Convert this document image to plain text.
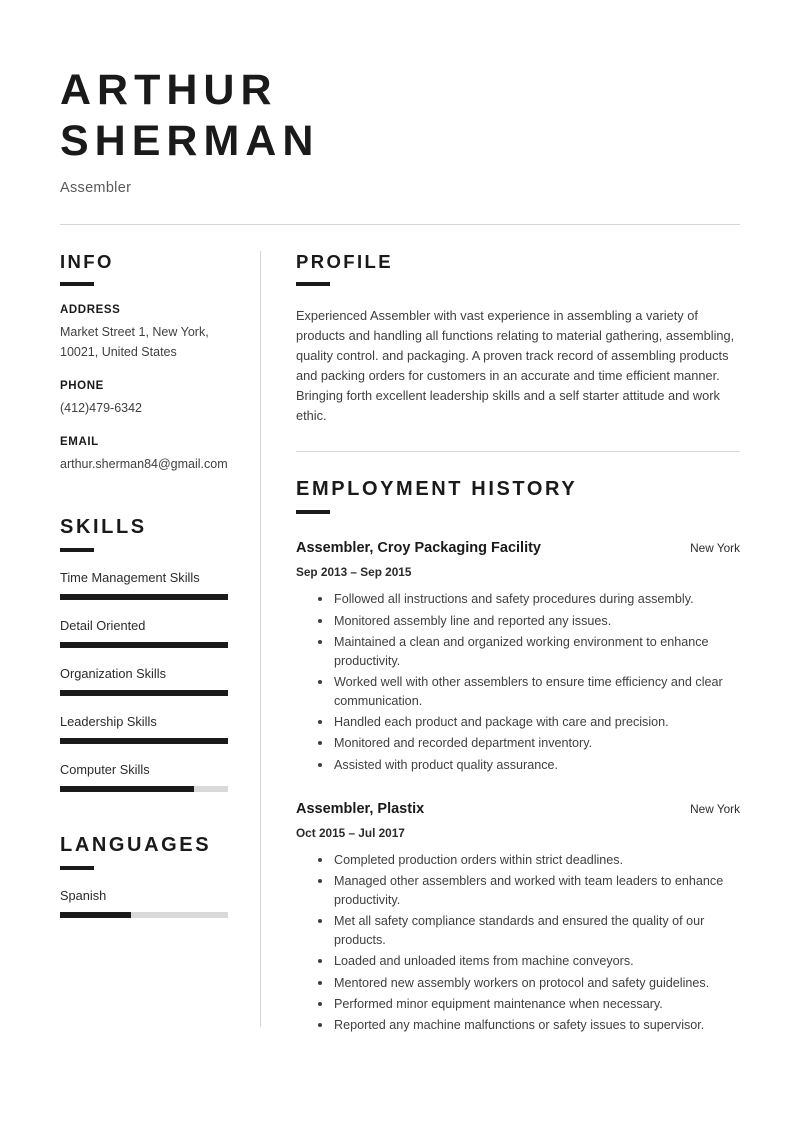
ARTHUR
SHERMAN
Assembler
INFO
ADDRESS
Market Street 1, New York,
10021, United States
PHONE
(412)479-6342
EMAIL
arthur.sherman84@gmail.com
SKILLS
Time Management Skills
Detail Oriented
Organization Skills
Leadership Skills
Computer Skills
LANGUAGES
Spanish
PROFILE
Experienced Assembler with vast experience in assembling a variety of products and handling all functions relating to material gathering, assembling, quality control. and packaging. A proven track record of assembling products and packing orders for customers in an accurate and time efficient manner. Bringing forth excellent leadership skills and a self starter attitude and work ethic.
EMPLOYMENT HISTORY
Assembler, Croy Packaging Facility	New York
Sep 2013 – Sep 2015
Followed all instructions and safety procedures during assembly.
Monitored assembly line and reported any issues.
Maintained a clean and organized working environment to enhance productivity.
Worked well with other assemblers to ensure time efficiency and clear communication.
Handled each product and package with care and precision.
Monitored and recorded department inventory.
Assisted with product quality assurance.
Assembler, Plastix	New York
Oct 2015 – Jul 2017
Completed production orders within strict deadlines.
Managed other assemblers and worked with team leaders to enhance productivity.
Met all safety compliance standards and ensured the quality of our products.
Loaded and unloaded items from machine conveyors.
Mentored new assembly workers on protocol and safety guidelines.
Performed minor equipment maintenance when necessary.
Reported any machine malfunctions or safety issues to supervisor.
